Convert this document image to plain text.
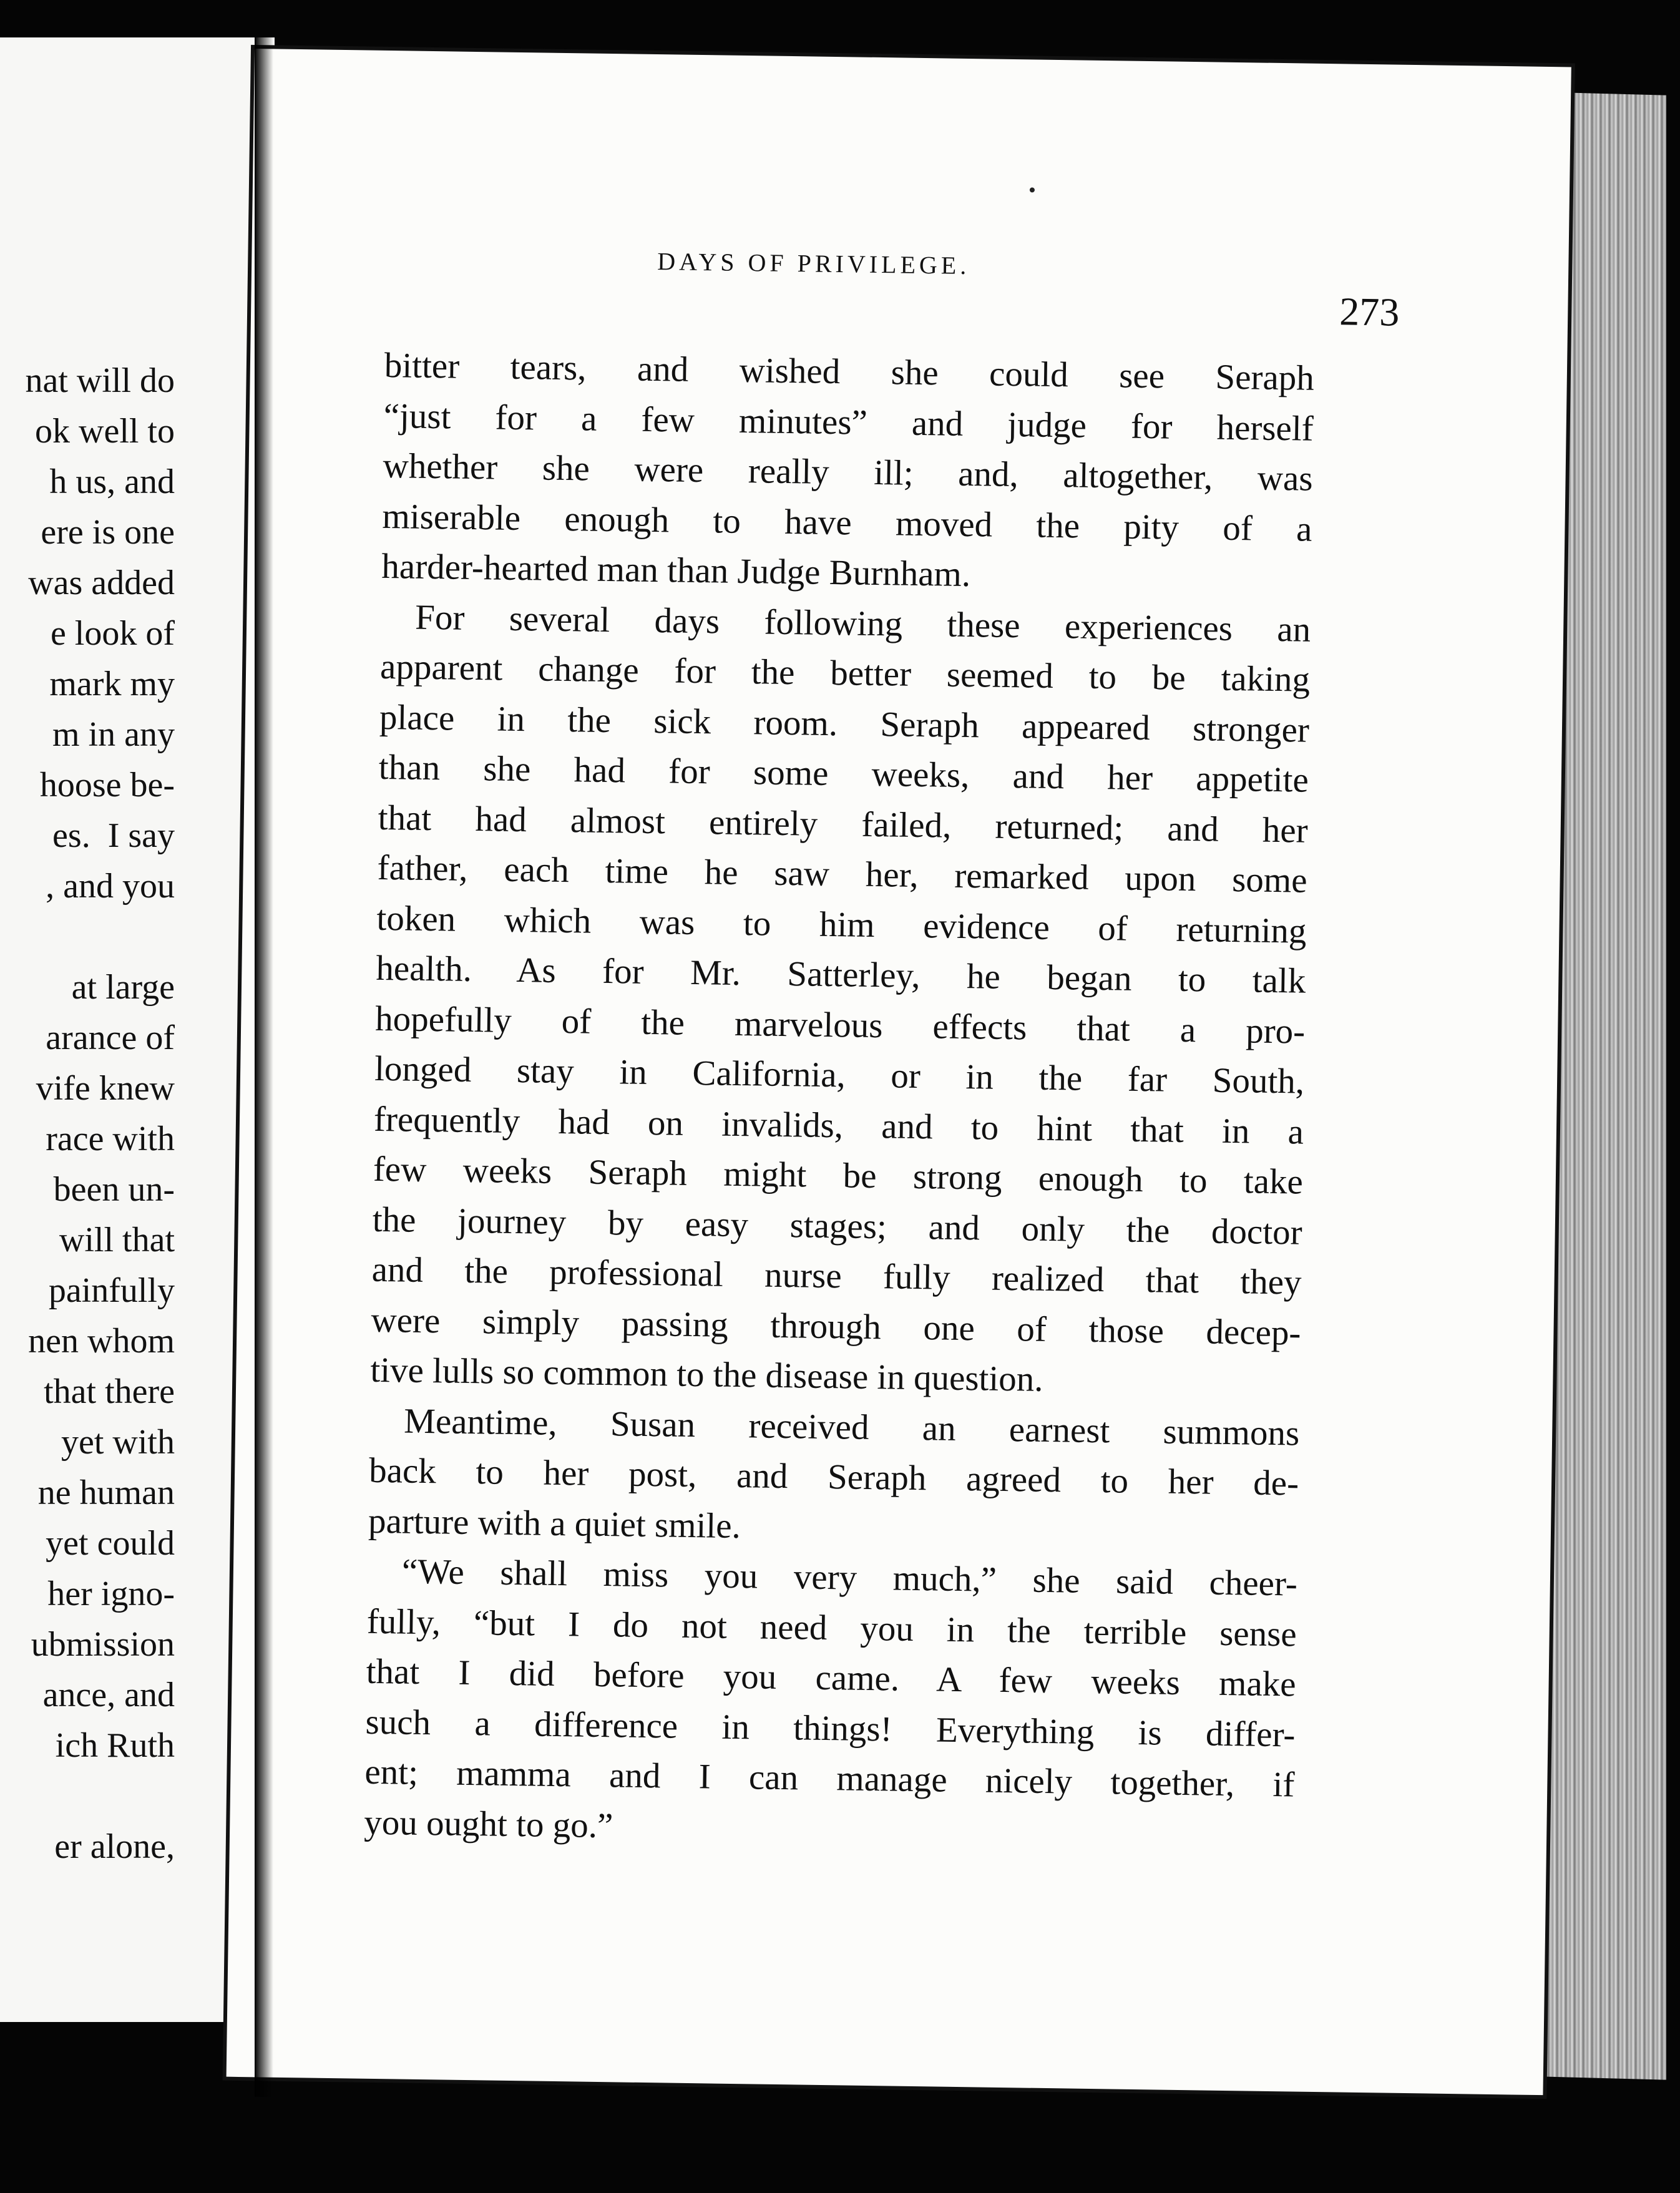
nat will do
ok well to
h us, and
ere is one
was added
e look of
mark my
m in any
hoose be-
es.  I say
, and you
at large
arance of
vife knew
race with
been un-
will that
painfully
nen whom
that there
yet with
ne human
yet could
her igno-
ubmission
ance, and
ich Ruth
er alone,
DAYS OF PRIVILEGE.
273
bitter tears, and wished she could see Seraph
“just for a few minutes” and judge for herself
whether she were really ill; and, altogether, was
miserable enough to have moved the pity of a
harder-hearted man than Judge Burnham.
For several days following these experiences an
apparent change for the better seemed to be taking
place in the sick room. Seraph appeared stronger
than she had for some weeks, and her appetite
that had almost entirely failed, returned; and her
father, each time he saw her, remarked upon some
token which was to him evidence of returning
health. As for Mr. Satterley, he began to talk
hopefully of the marvelous effects that a pro-
longed stay in California, or in the far South,
frequently had on invalids, and to hint that in a
few weeks Seraph might be strong enough to take
the journey by easy stages; and only the doctor
and the professional nurse fully realized that they
were simply passing through one of those decep-
tive lulls so common to the disease in question.
Meantime, Susan received an earnest summons
back to her post, and Seraph agreed to her de-
parture with a quiet smile.
“We shall miss you very much,” she said cheer-
fully, “but I do not need you in the terrible sense
that I did before you came. A few weeks make
such a difference in things! Everything is differ-
ent; mamma and I can manage nicely together, if
you ought to go.”
